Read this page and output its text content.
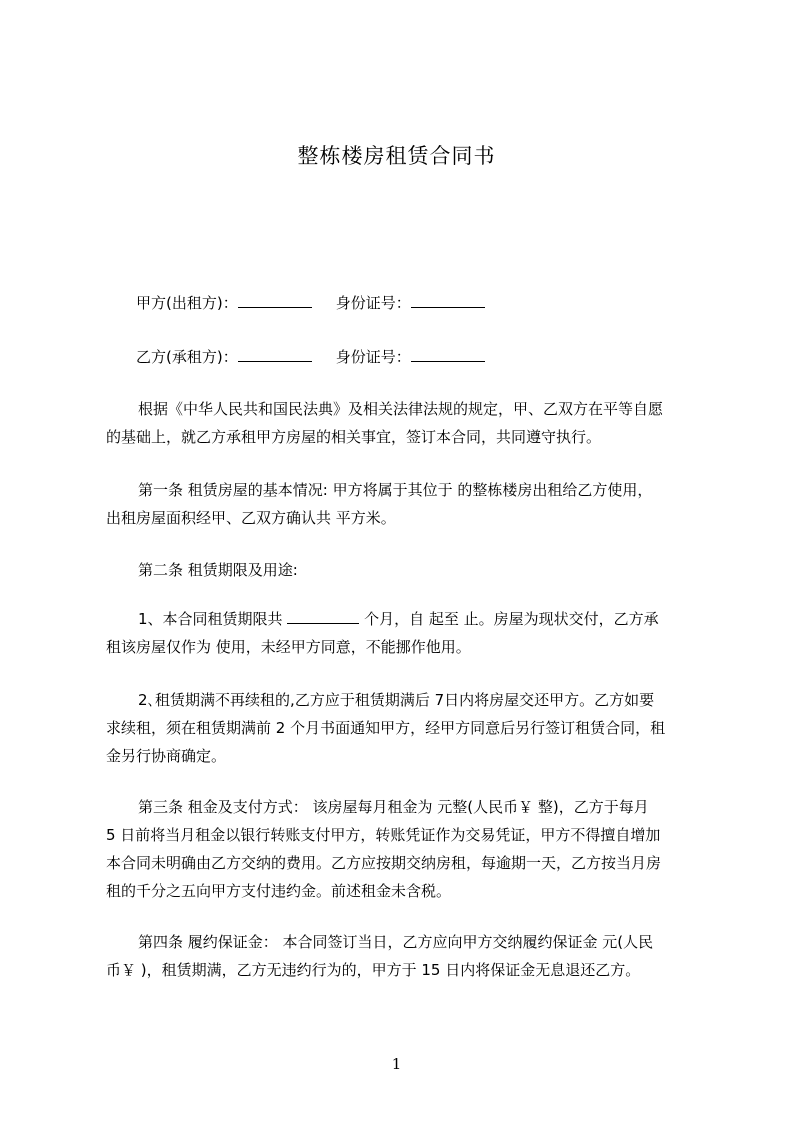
整栋楼房租赁合同书
甲方(出租方)：	身份证号：
乙方(承租方)：	身份证号：
根据《中华人民共和国民法典》及相关法律法规的规定，甲、乙双方在平等自愿
的基础上，就乙方承租甲方房屋的相关事宜，签订本合同，共同遵守执行。
第一条 租赁房屋的基本情况: 甲方将属于其位于 的整栋楼房出租给乙方使用，
出租房屋面积经甲、乙双方确认共 平方米。
第二条 租赁期限及用途:
1、本合同租赁期限共	个月，自 起至 止。房屋为现状交付，乙方承
租该房屋仅作为 使用，未经甲方同意，不能挪作他用。
2､租赁期满不再续租的,乙方应于租赁期满后 7日内将房屋交还甲方。乙方如要
求续租，须在租赁期满前 2 个月书面通知甲方，经甲方同意后另行签订租赁合同，租
金另行协商确定。
第三条 租金及支付方式： 该房屋每月租金为 元整(人民币￥ 整)，乙方于每月
5 日前将当月租金以银行转账支付甲方，转账凭证作为交易凭证，甲方不得擅自增加
本合同未明确由乙方交纳的费用。乙方应按期交纳房租，每逾期一天，乙方按当月房
租的千分之五向甲方支付违约金。前述租金未含税。
第四条 履约保证金： 本合同签订当日，乙方应向甲方交纳履约保证金 元(人民
币￥ )，租赁期满，乙方无违约行为的，甲方于 15 日内将保证金无息退还乙方。
1
